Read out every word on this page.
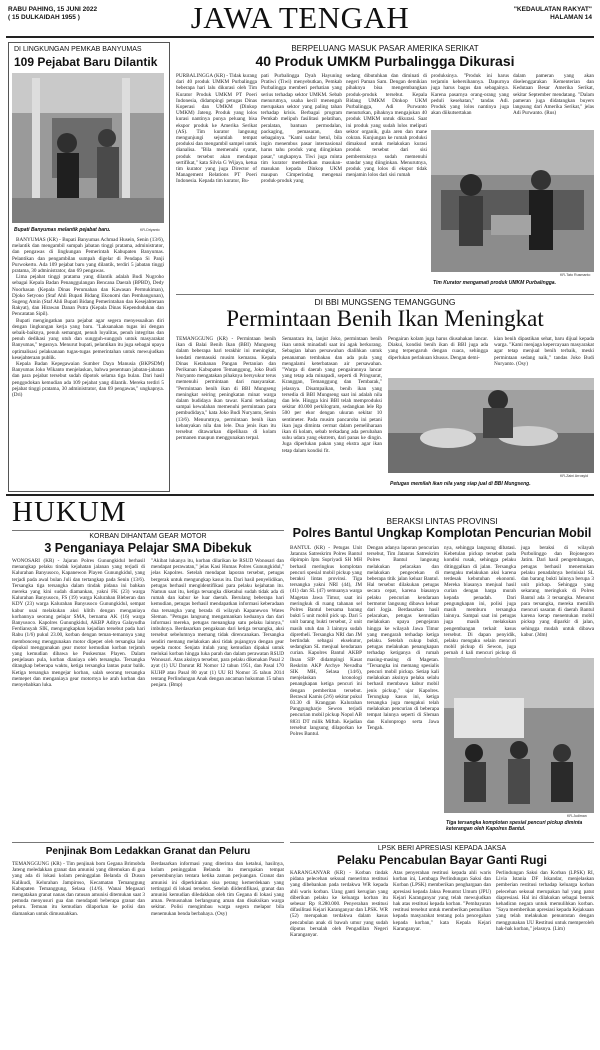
RABU PAHING, 15 JUNI 2022
( 15 DULKAIDAH 1955 )	JAWA TENGAH	"KEDAULATAN RAKYAT"
HALAMAN 14
DI LINGKUNGAN PEMKAB BANYUMAS
109 Pejabat Baru Dilantik
Bupati Banyumas melantik pejabat baru.	KR-Driyanto

BANYUMAS (KR) - Bupati Banyumas Achmad Husein, Senin (13/6), melantik dan mengambil sumpah jabatan tinggi pratama, administrator, dan pengawas di lingkungan Pemerintah Kabupaten Banyumas. Pelantikan dan pengambilan sumpah digelar di Pendapa Si Panji Purwokerto. Ada 109 pejabat baru yang dilantik, terdiri 5 jabatan tinggi pratama, 30 administrator, dan 69 pengawas.

Lima pejabat tinggi pratama yang dilantik adalah Budi Nugroho sebagai Kepala Badan Penanggulangan Bencana Daerah (BPBD), Dedy Noorhasan (Kepala Dinas Perumahan dan Kawasan Permukiman), Djoko Setyono (Staf Ahli Bupati Bidang Ekonomi dan Pembangunan), Sugeng Amin (Staf Ahli Bupati Bidang Pemerintahan dan Kesejahteraan Rakyat), dan Hirawan Danan Putra (Kepala Dinas Kependudukan dan Pencatatan Sipil).

Bupati mengingatkan para pejabat agar segera menyesuaikan diri dengan lingkungan kerja yang baru. "Laksanakan tugas ini dengan sebaik-baiknya, penuh semangat, penuh loyalitas, penuh integritas dan penuh dedikasi yang utuh dan sungguh-sungguh untuk masyarakat Banyumas," tegasnya. Menurut bupati, pelantikan itu juga sebagai upaya optimalisasi pelaksanaan tugas-tugas pemerintahan untuk mewujudkan kesejahteraan publik.

Kepala Badan Kepegawaian Sumber Daya Manusia (BKPSDM) Banyumas Joko Wikanto menjelaskan, bahwa penentuan jabatan-jabatan dan para pejabat tersebut sudah dipotok selama tiga bulan. Dari hasil penggodokan kemudian ada 109 pejabat yang dilantik. Mereka terdiri 5 pejabat tinggi pratama, 30 administrator, dan 69 pengawas," ungkapnya. (Dri)

BERPELUANG MASUK PASAR AMERIKA SERIKAT
40 Produk UMKM Purbalingga Dikurasi
PURBALINGGA (KR) - Tidak kurang dari 40 produk UMKM Purbalingga beberapa hari lalu dikurasi oleh Tim Kurator Produk UMKM PT Poeri Indonesia, didampingi petugas Dinas Koperasi dan UMKM (Dinkop UMKM) Jateng. Produk yang lolos kurasi nantinya punya peluang bisa ekspor produk ke Amerika Serikat (AS). Tim kurator langsung mengunjungi sejumlah tempat produksi dan mengambil sampel untuk dianalisa. "Bila memenuhi syarat, produk tersebut akan mendapat sertifikat," kata Silvia G Wijaya, ketua tim kurator yang juga Director of Management Relations PT Poeri Indonesia. Kepada tim kurator, Bu-
pati Purbalingga Dyah Hayuning Pratiwi (Tiwi) menyebutkan, Pemkab Purbalingga memberi perhatian yang serius terhadap sektor UMKM. Sebab menurutnya, usaha kecil menengah merupakan sektor yang paling tahan terhadap krisis. Berbagai program Pemkab melipuh fasilitasi pelatihan, peralatan, bantuan permodalan, packaging, pemasaran, dan sebagainya. "Kami sadar betul, bila ingin menembus pasar internasional harus tahu produk yang diinginkan pasar," ungkapnya. Tiwi juga minta tim kurator memberikan masukan-masukan kepada Dinkop UKM maupun Cimperindag mengenai produk-produk yang
sedang dibutuhkan dan diminati di negeri Paman Sam. Dengan demikian pihaknya bisa mengembangkan produk-produk tersebut. Kepala Bidang UMKM Dinkop UKM Purbalingga, Adi Purwanto menuturkan, pihaknya mengajukan 40 produk UMKM untuk dikurasi. Saat ini produk yang sudah lolos meliputi sektor organik, gula aren dan mane cokran. Kunjungan ke rumah produksi dimaksud untuk melakukan kurasi produk tersebut dari sisi pembentuknya sudah memenuhi standar yang diinginkan. Menurutnya, produk yang lolos di ekspor tidak menjamin lolos dari sisi rumah
produksinya. "Produk ini harus terjamin kebersihannya. Dapurnya juga harus bagus dan sebagainya. Karena pasarnya orang-orang yang peduli kesehatan," tandas Adi. Produk yang lolos nantinya juga akan diikutsertakan
dalam pameran yang akan diselenggarakan Kementerian dan Kedutaan Besar Amerika Serikat, sekitar September mendatang. "Dalam pameran juga didatangkan buyers langsung dari Amerika Serikat," jelas Adi Purwanto. (Rus)
KR-Tato Rusmanto
Tim Kurator mengamati produk UMKM Purbalingga.
DI BBI MUNGSENG TEMANGGUNG
Permintaan Benih Ikan Meningkat
TEMANGGUNG (KR) - Permintaan benih ikan di Balai Benih Ikan (BBI) Mungseng dalam beberapa hari terakhir ini meningkat, kendati memasuki musim kemarau. Kepala Dinas Ketahanan Pangan Pertanian dan Perikanan Kabupaten Temanggung, Joko Budi Nuryanto mengatakan pihaknya bersyukur terus memenuhi permintaan dari masyarakat. "Permintaan benih ikan di BBI Mungseng meningkat seiring peningkatan minat warga dalam budidaya ikan tawar. Kami terkadang sampai kewalahan memenuhi permintaan para pembudidaya," kata Joko Budi Nuryanto, Senin (13/6). Menurutnya, permintaan benih ikan kebanyakan nila dan lele. Dua jenis ikan itu tersebut ditawarkan dipelihara di kolam permanen maupun menggunakan terpal.
Semantara itu, lanjut Joko, permintaan benih ikan untuk minadadi saat ini agak berkurang. Sebagian lahan persawahan dialihkan untuk penanaman tembakau dan ada pula yang mengalami keterbatasan air persawahan. "Warga di daerah yang pengairannya lancar yang tetap ada minapadi, seperti di Pringsurat, Kranggan, Temanggung dan Tembarak," jelasnya. Disampaikan, benih ikan yang tersedia di BBI Mungseng saat ini adalah nila dan lele. Hingga kini BBI telah memproduksi sekitar 40.000 perkilogram, sedangkan lele Rp 500 per ekor dengan ukuran sekitar 10 sentimeter. Pada musim pancaroba ini petani ikan juga diminta cermat dalam pemeliharaan ikan di kolam, sebab terkadang ada perubahan suhu udara yang ekstrem, dari panas ke dingin. Juga diperlukan pakan yang ekstra agar ikan tetap dalam kondisi fit.
Pengairan kolam juga harus diusahakan lancar. Diakui, kondisi benih ikan di BBI juga ada yang terpengaruh dengan cuaca, sehingga diperlukan perlakuan khusus. Dengan demi-
kian benih dipastikan sehat, baru dijual kepada warga. "Kami menjaga kepercayaan masyarakat agar tetap menjual benih terbaik, meski permintaan sedang naik," tandas Joko Budi Nuryanto. (Osy)
KR-Zaini Arrosyid
Petugas memilah ikan nila yang siap jual di BBI Mungseng.
HUKUM
KORBAN DIHANTAM GEAR MOTOR
3 Penganiaya Pelajar SMA Dibekuk
WONOSARI (KR) - Jajaran Polres Gunungkidul berhasil menangkap pelaku tindak kejahatan jalanan yang terjadi di Kalurahan Banyusoco, Kapanewon Playen Gunungkidul, yang terjadi pada awal bulan Juli dan tertangkap pada Senin (13/6). Tersangka tiga tersangka dalam tindak pidana ini bahkan mereka yang kini sudah diamankan, yakni FK (23) warga Kalurahan Banyusoco, FS (19) warga Kalurahan Bleberan dan KDY (23) warga Kalurahan Banyusoco Gunungkidul, sempat kabur usai melakukan aksi klitih dengan menganiaya korbannya seorang pelajar SMA, bernama AK (16) warga Banyusoco. Kapolres Gunungkidul, AKBP Aditya Galayudha Ferdiansyah SIK, mengungkapkan kejadian tersebut pada hari Rabu (1/6) pukul 23.00, korban dengan teman-temannya yang membonceng menggunakan motor dipepet oleh tersangka lalu dipukul menggunakan gear motor kemudian korban terjatuh yang kemudian dibawa ke Puskesmas Playen. Dalam penjelasan pula, korban dianiaya oleh tersangka. Tersangka ditangkap beberapa waktu, ketiga tersangka lantas putar balik. Ketiga tersangka mengejar korban, salah seorang tersangka memepet dan menganiaya gear motornya ke arah korban dan menyebabkan luka.
"Akibat lukanya itu, korban dilarikan ke RSUD Wonosari dan mendapat perawatan," jelas Kasi Humas Polres Gunungkidul," jelas Kapolres. Setelah mendapat laporan tersebut, petugas bergerak untuk mengungkap kasus itu. Dari hasil penyelidikan, petugas berhasil mengidentifikasi para pelaku kejahatan itu. Namun saat itu, ketiga tersangka diketahui sudah tidak ada di rumah dan kabur ke luar daerah. Berulang beberapa hari kemudian, petugas berhasil mendapatkan informasi keberadaan dua tersangka yang berada di wilayah Kapanewon Wates Sleman. "Petugas langsung mengamankan keduanya dan dari informasi mereka, petugas menangkap satu pelaku lainnya," imbuhnya. Berdasarkan pengakuan dari ketiga tersangka, aksi tersebut sebelumnya memang tidak direncanakan. Tersangka sendiri memang melakukan aksi tidak pujangnya dengan gear sepeda motor. Senjata itulah yang kemudian dipakai untuk melukai korban hingga luka parah dan dalam perawatan RSUD Wonosari. Atas aksinya tersebut, para pelaku dikenakan Pasal 2 ayat (1) UU Darurat RI Nomor 12 tahun 1951, dan Pasal 170 KUHP atau Pasal 80 ayat (1) UU RI Nomor 35 tahun 2014 tentang Perlindungan Anak dengan ancaman hukuman 15 tahun penjara. (Bmp)
BERAKSI LINTAS PROVINSI
Polres Bantul Ungkap Komplotan Pencurian Mobil
BANTUL (KR) - Petugas Unit Jatanras Satreskrim Polres Bantul dipimpin Iptu Supriyadi SH MH berhasil meringkus komplotan pencuri spesial mobil pickup yang beraksi lintas provinsi. Tiga tersangka yakni NRI (44), JM (41) dan SL (47) semuanya warga Magetan Jawa Timur, saat ini meringkuk di ruang tahanan sel Polres Bantul bersama barang bukti 5 unit mobil pick up. Dari 5 unit barang bukti tersebut, 2 unit masih utuh dan 3 lainnya sudah dipretheli. Tersangka NRI dan JM bertindak sebagai eksekutor, sedangkan SL menjual kendaraan curian. Kapolres Bantul AKBP Ihsan SIP didampingi Kasat Reskrim AKP Archye Nevadha SIK MH, Selasa (14/6), menjelaskan kronologi penangkapan ketiga pencuri ini dengan pemberitan tersebut. Berawal Kamis (2/6) sekitar pukul 03.30 di Kranggan Kalurahan Panggungharjo Sewon terjadi pencurian mobil pickup Nopol AB 8831 DT milik Miftah. Kejadian tersebut langsung dilaporkan ke Polres Bantul.
Dengan adanya laporan pencurian tersebut, Tim Jatanras Satreskrim Polres Bantul langsung melakukan pelacakan dan melakukan pengecekan di beberapa titik jalan keluar Bantul. Hal tersebut dilakukan petugas secara cepat, karena biasanya pelaku pencurian kendaraan bermotor langsung dibawa keluar dari Jogja. Berdasarkan hasil pelacakan, petugas kemudian melakukan upaya pengejaran hingga ke wilayah Jawa Timur yang mengarah terhadap ketiga pelaku. Setelah cukup bukti, petugas melakukan penangkapan terhadap ketiganya di rumah masing-masing di Magetan. "Tersangka ini memang spesialis pencuri mobil pickup. Setiap kali melakukan aksinya pelaku selalu berhasil membawa kabur mobil jenis pickup," ujar Kapolres. Terungkap kasus ini, ketiga tersangka juga mengakui telah melakukan pencurian di beberapa tempat lainnya seperti di Sleman dan Kulonprogo serta Jawa Tengah.
nya, sehingga langsung dibatasi. Kebetulan pickup tersebut pada kondisi rusak, sehingga pelaku ditinggalkan di jalan. Tersangka mengaku melakukan aksi karena terdesak kebutuhan ekonomi. Mereka biasanya menjual hasil curian dengan harga murah kepada penadah. Dari pengungkapan ini, polisi juga masih memburu tersangka lainnya. Sampai saat ini petugas juga masih melakukan pengembangan terkait kasus tersebut. Di dapan penyidik, pelaku mengaku selain mencuri mobil pickup di Sewon, juga pernah 4 kali mencuri pickup di
juga beraksi di wilayah Purbolinggo dan Bojonegoro Jatim. Dari hasil pengembangan, petugas berhasil menemukan pelaku penadahnya berinisial SL dan barang bukti lainnya berupa 3 unit pickup. Sehingga yang sekarang meringkuk di Polres Bantul ada 3 tersangka. Menurut para tersangka, mereka memilih mencuri sasaran di daerah Bantul karena kerap menemukan mobil pickup yang diparkir di jalan, sehingga mudah untuk dibawa kabur. (Jdm)
KR-Judiman
Tiga tersangka komplotan spesial pencuri pickup diminta keterangan oleh Kapolres Bantul.
Penjinak Bom Ledakkan Granat dan Peluru
TEMANGGUNG (KR) - Tim penjinak bom Gegana Brimobda Jateng meledakkan granat dan amunisi yang ditemukan di gua yang ada di lokasi kolam peninggalan Belanda di Dusun Kalikudi, Kelurahan Jampiroso, Kecamatan Temanggung Kabupaten Temanggung, Selasa (14/6). Wanai Megasari mengatakan granat nanas dan ratusan amunisi ditemukan saat 3 pemuda menyusuri gua dan mendapati beberapa granat dan peluru. Temuan itu kemudian dilaporkan ke polisi dan diamankan untuk dimusnahkan.
Berdasarkan informasi yang diterima dan ketahui, hasilnya, kolam peninggalan Belanda itu merupakan tempat persembunyian tentara ketika zaman perjuangan. Granat dan amunisi ini diperkirakan sisa perang kemerdekaan yang tertinggal di lokasi tersebut. Setelah diidentifikasi, granat dan amunisi kemudian diledakkan oleh tim Gegana di lokasi yang aman. Pemusnahan berlangsung aman dan disaksikan warga sekitar. Polisi mengimbau warga segera melapor bila menemukan benda berbahaya. (Osy)
LPSK BERI APRESIASI KEPADA JAKSA
Pelaku Pencabulan Bayar Ganti Rugi
KARANGANYAR (KR) - Korban tindak pidana pelecehan seksual menerima restitusi yang dibebankan pada terdakwa WR kepada ahli waris korban. Uang ganti kerugian yang diberikan pelaku ke keluarga korban itu sebesar Rp 8.280.000. Penyerahan restitusi difasilitasi Kejari Karanganyar dan LPSK. WR (52) merupakan terdakwa dalam kasus pencabulan anak di bawah umur yang sudah diputus bersalah oleh Pengadilan Negeri Karanganyar.
Atas penyerahan restitusi kepada ahli waris korban ini, Lembaga Perlindungan Saksi dan Korban (LPSK) memberikan penghargaan dan apresiasi kepada Jaksa Penuntut Umum (JPU) Kejari Karanganyar yang telah mewujudkan hak atas restitusi kepada korban. "Pembayaran restitusi tersebut untuk memberikan pemulihan kepada masyarakat tentang pola pencegahan kepada korban," kata Kepala Kejari Karanganyar.
Perlindungan Saksi dan Korban (LPSK) RI, Livia Istania DF Iskandar, menjelaskan pemberian restitusi terhadap keluarga korban pelecehan seksual merupakan hal yang patut diapresiasi. Hal ini dilakukan sebagai bentuk kehadiran negara untuk memulihkan korban. "Saya memberikan apresiasi kepada Kejaksaan yang telah melakukan penuntutan dengan menggunakan UU Restitusi untuk memperoleh hak-hak korban," jelasnya. (Lim)
